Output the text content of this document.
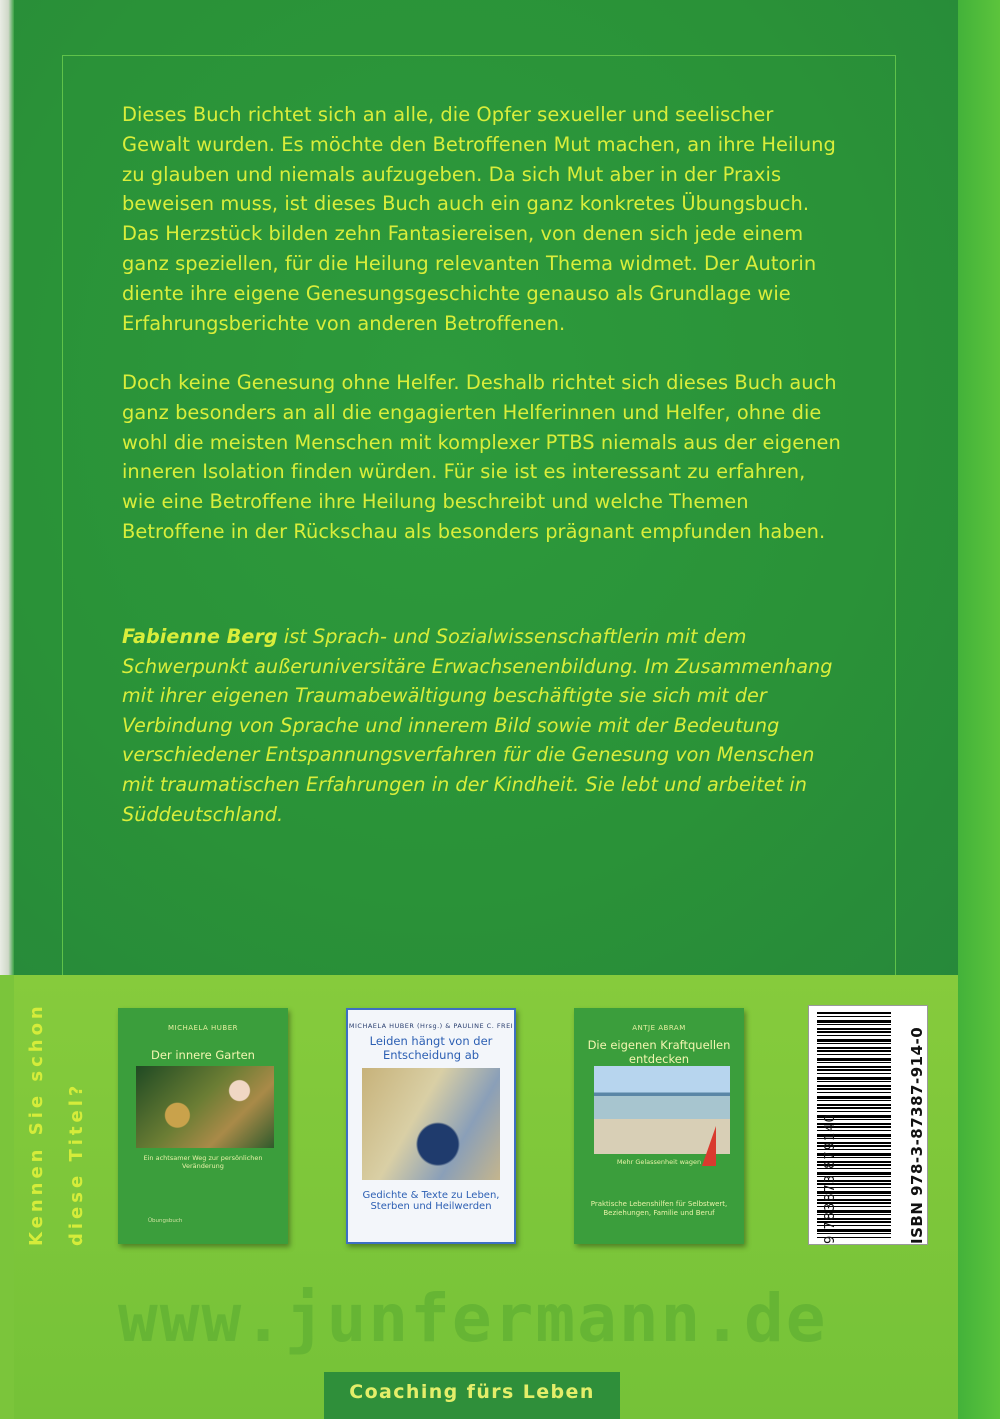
Dieses Buch richtet sich an alle, die Opfer sexueller und seelischer Gewalt wurden. Es möchte den Betroffenen Mut machen, an ihre Heilung zu glauben und niemals aufzugeben. Da sich Mut aber in der Praxis beweisen muss, ist dieses Buch auch ein ganz konkretes Übungsbuch. Das Herzstück bilden zehn Fantasiereisen, von denen sich jede einem ganz speziellen, für die Heilung relevanten Thema widmet. Der Autorin diente ihre eigene Genesungsgeschichte genauso als Grundlage wie Erfahrungsberichte von anderen Betroffenen.

Doch keine Genesung ohne Helfer. Deshalb richtet sich dieses Buch auch ganz besonders an all die engagierten Helferinnen und Helfer, ohne die wohl die meisten Menschen mit komplexer PTBS niemals aus der eigenen inneren Isolation finden würden. Für sie ist es interessant zu erfahren, wie eine Betroffene ihre Heilung beschreibt und welche Themen Betroffene in der Rückschau als besonders prägnant empfunden haben.

Fabienne Berg ist Sprach- und Sozialwissenschaftlerin mit dem Schwerpunkt außeruniversitäre Erwachsenenbildung. Im Zusammenhang mit ihrer eigenen Traumabewältigung beschäftigte sie sich mit der Verbindung von Sprache und innerem Bild sowie mit der Bedeutung verschiedener Entspannungsverfahren für die Genesung von Menschen mit traumatischen Erfahrungen in der Kindheit. Sie lebt und arbeitet in Süddeutschland.

Kennen Sie schon diese Titel?
MICHAELA HUBER
Der innere Garten
Ein achtsamer Weg zur persönlichen Veränderung
Übungsbuch
MICHAELA HUBER (Hrsg.) & PAULINE C. FREI
Leiden hängt von der Entscheidung ab
Gedichte & Texte zu Leben, Sterben und Heilwerden
ANTJE ABRAM
Die eigenen Kraftquellen entdecken
Mehr Gelassenheit wagen
Praktische Lebenshilfen für Selbstwert, Beziehungen, Familie und Beruf	9 783873 879140	ISBN 978-3-87387-914-0
www.junfermann.de
Coaching fürs Leben
